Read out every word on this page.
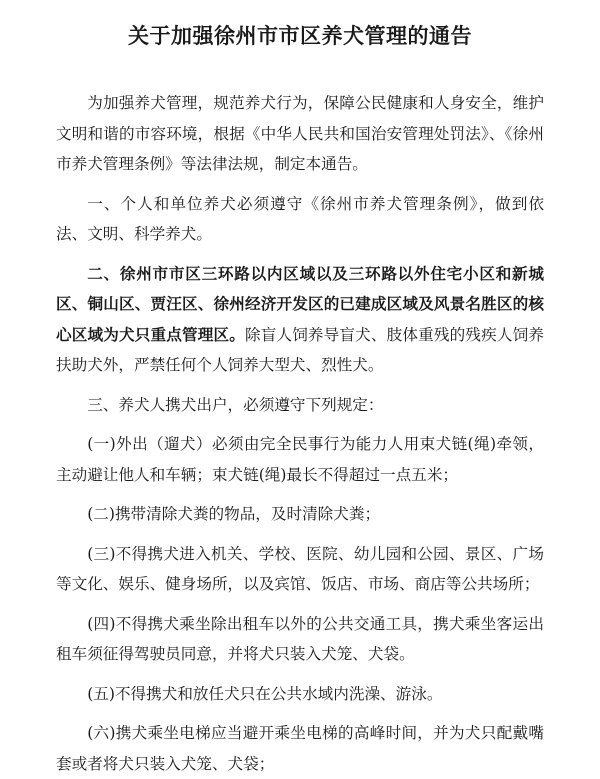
关于加强徐州市市区养犬管理的通告

为加强养犬管理，规范养犬行为，保障公民健康和人身安全，维护文明和谐的市容环境，根据《中华人民共和国治安管理处罚法》、《徐州市养犬管理条例》等法律法规，制定本通告。

一、个人和单位养犬必须遵守《徐州市养犬管理条例》，做到依法、文明、科学养犬。

二、徐州市市区三环路以内区域以及三环路以外住宅小区和新城区、铜山区、贾汪区、徐州经济开发区的已建成区域及风景名胜区的核心区域为犬只重点管理区。除盲人饲养导盲犬、肢体重残的残疾人饲养扶助犬外，严禁任何个人饲养大型犬、烈性犬。

三、养犬人携犬出户，必须遵守下列规定：

(一)外出（遛犬）必须由完全民事行为能力人用束犬链(绳)牵领，主动避让他人和车辆；束犬链(绳)最长不得超过一点五米；

(二)携带清除犬粪的物品，及时清除犬粪；

(三)不得携犬进入机关、学校、医院、幼儿园和公园、景区、广场等文化、娱乐、健身场所，以及宾馆、饭店、市场、商店等公共场所；

(四)不得携犬乘坐除出租车以外的公共交通工具，携犬乘坐客运出租车须征得驾驶员同意，并将犬只装入犬笼、犬袋。

(五)不得携犬和放任犬只在公共水域内洗澡、游泳。

(六)携犬乘坐电梯应当避开乘坐电梯的高峰时间，并为犬只配戴嘴套或者将犬只装入犬笼、犬袋；
